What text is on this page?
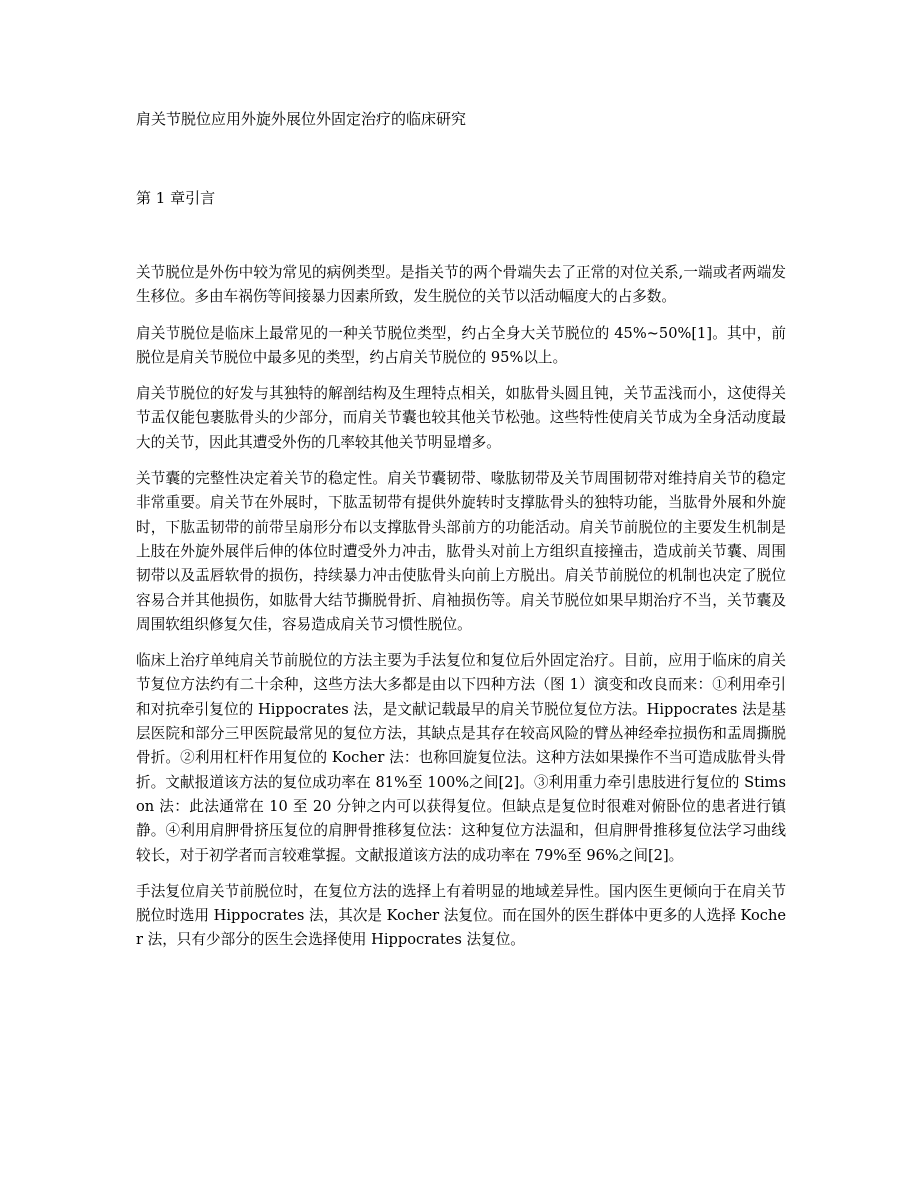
肩关节脱位应用外旋外展位外固定治疗的临床研究
第 1 章引言

关节脱位是外伤中较为常见的病例类型。是指关节的两个骨端失去了正常的对位关系,一端或者两端发生移位。多由车祸伤等间接暴力因素所致，发生脱位的关节以活动幅度大的占多数。

肩关节脱位是临床上最常见的一种关节脱位类型，约占全身大关节脱位的 45%~50%[1]。其中，前脱位是肩关节脱位中最多见的类型，约占肩关节脱位的 95%以上。

肩关节脱位的好发与其独特的解剖结构及生理特点相关，如肱骨头圆且钝，关节盂浅而小，这使得关节盂仅能包裹肱骨头的少部分，而肩关节囊也较其他关节松弛。这些特性使肩关节成为全身活动度最大的关节，因此其遭受外伤的几率较其他关节明显增多。

关节囊的完整性决定着关节的稳定性。肩关节囊韧带、喙肱韧带及关节周围韧带对维持肩关节的稳定非常重要。肩关节在外展时，下肱盂韧带有提供外旋转时支撑肱骨头的独特功能，当肱骨外展和外旋时，下肱盂韧带的前带呈扇形分布以支撑肱骨头部前方的功能活动。肩关节前脱位的主要发生机制是上肢在外旋外展伴后伸的体位时遭受外力冲击，肱骨头对前上方组织直接撞击，造成前关节囊、周围韧带以及盂唇软骨的损伤，持续暴力冲击使肱骨头向前上方脱出。肩关节前脱位的机制也决定了脱位容易合并其他损伤，如肱骨大结节撕脱骨折、肩袖损伤等。肩关节脱位如果早期治疗不当，关节囊及周围软组织修复欠佳，容易造成肩关节习惯性脱位。

临床上治疗单纯肩关节前脱位的方法主要为手法复位和复位后外固定治疗。目前，应用于临床的肩关节复位方法约有二十余种，这些方法大多都是由以下四种方法（图 1）演变和改良而来：①利用牵引和对抗牵引复位的 Hippocrates 法，是文献记载最早的肩关节脱位复位方法。Hippocrates 法是基层医院和部分三甲医院最常见的复位方法，其缺点是其存在较高风险的臂丛神经牵拉损伤和盂周撕脱骨折。②利用杠杆作用复位的 Kocher 法：也称回旋复位法。这种方法如果操作不当可造成肱骨头骨折。文献报道该方法的复位成功率在 81%至 100%之间[2]。③利用重力牵引患肢进行复位的 Stimson 法：此法通常在 10 至 20 分钟之内可以获得复位。但缺点是复位时很难对俯卧位的患者进行镇静。④利用肩胛骨挤压复位的肩胛骨推移复位法：这种复位方法温和，但肩胛骨推移复位法学习曲线较长，对于初学者而言较难掌握。文献报道该方法的成功率在 79%至 96%之间[2]。

手法复位肩关节前脱位时，在复位方法的选择上有着明显的地域差异性。国内医生更倾向于在肩关节脱位时选用 Hippocrates 法，其次是 Kocher 法复位。而在国外的医生群体中更多的人选择 Kocher 法，只有少部分的医生会选择使用 Hippocrates 法复位。
